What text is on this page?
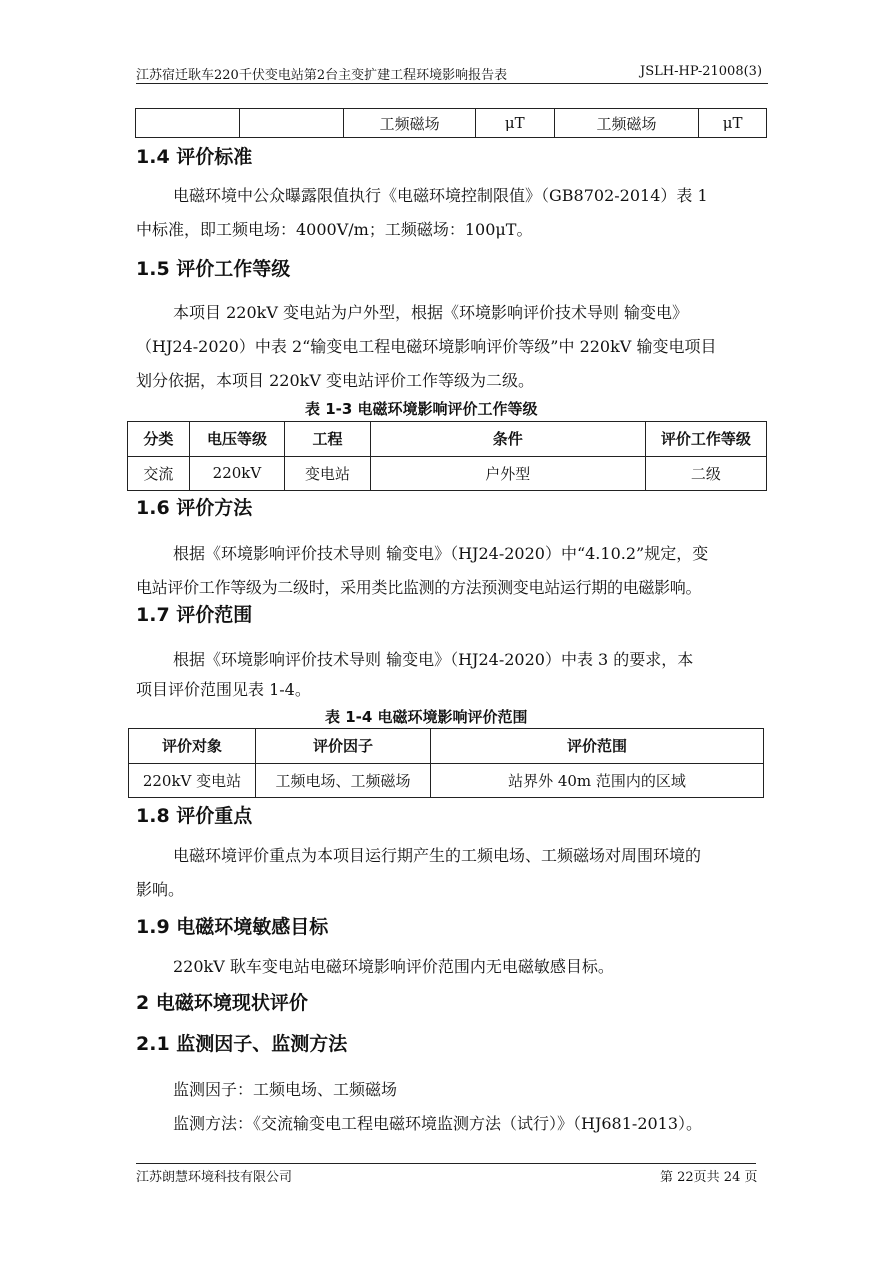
江苏宿迁耿车220千伏变电站第2台主变扩建工程环境影响报告表	JSLH-HP-21008(3)
		工频磁场	μT	工频磁场	μT
1.4 评价标准
电磁环境中公众曝露限值执行《电磁环境控制限值》（GB8702-2014）表 1
中标准，即工频电场：4000V/m；工频磁场：100μT。
1.5 评价工作等级
本项目 220kV 变电站为户外型，根据《环境影响评价技术导则 输变电》
（HJ24-2020）中表 2“输变电工程电磁环境影响评价等级”中 220kV 输变电项目
划分依据，本项目 220kV 变电站评价工作等级为二级。
表 1-3 电磁环境影响评价工作等级
分类	电压等级	工程	条件	评价工作等级
交流	220kV	变电站	户外型	二级
1.6 评价方法
根据《环境影响评价技术导则 输变电》（HJ24-2020）中“4.10.2”规定，变
电站评价工作等级为二级时，采用类比监测的方法预测变电站运行期的电磁影响。
1.7 评价范围
根据《环境影响评价技术导则 输变电》（HJ24-2020）中表 3 的要求，本
项目评价范围见表 1-4。
表 1-4 电磁环境影响评价范围
评价对象	评价因子	评价范围
220kV 变电站	工频电场、工频磁场	站界外 40m 范围内的区域
1.8 评价重点
电磁环境评价重点为本项目运行期产生的工频电场、工频磁场对周围环境的
影响。
1.9 电磁环境敏感目标
220kV 耿车变电站电磁环境影响评价范围内无电磁敏感目标。
2 电磁环境现状评价
2.1 监测因子、监测方法
监测因子：工频电场、工频磁场
监测方法：《交流输变电工程电磁环境监测方法（试行）》（HJ681-2013）。
江苏朗慧环境科技有限公司	第 22页共 24 页
